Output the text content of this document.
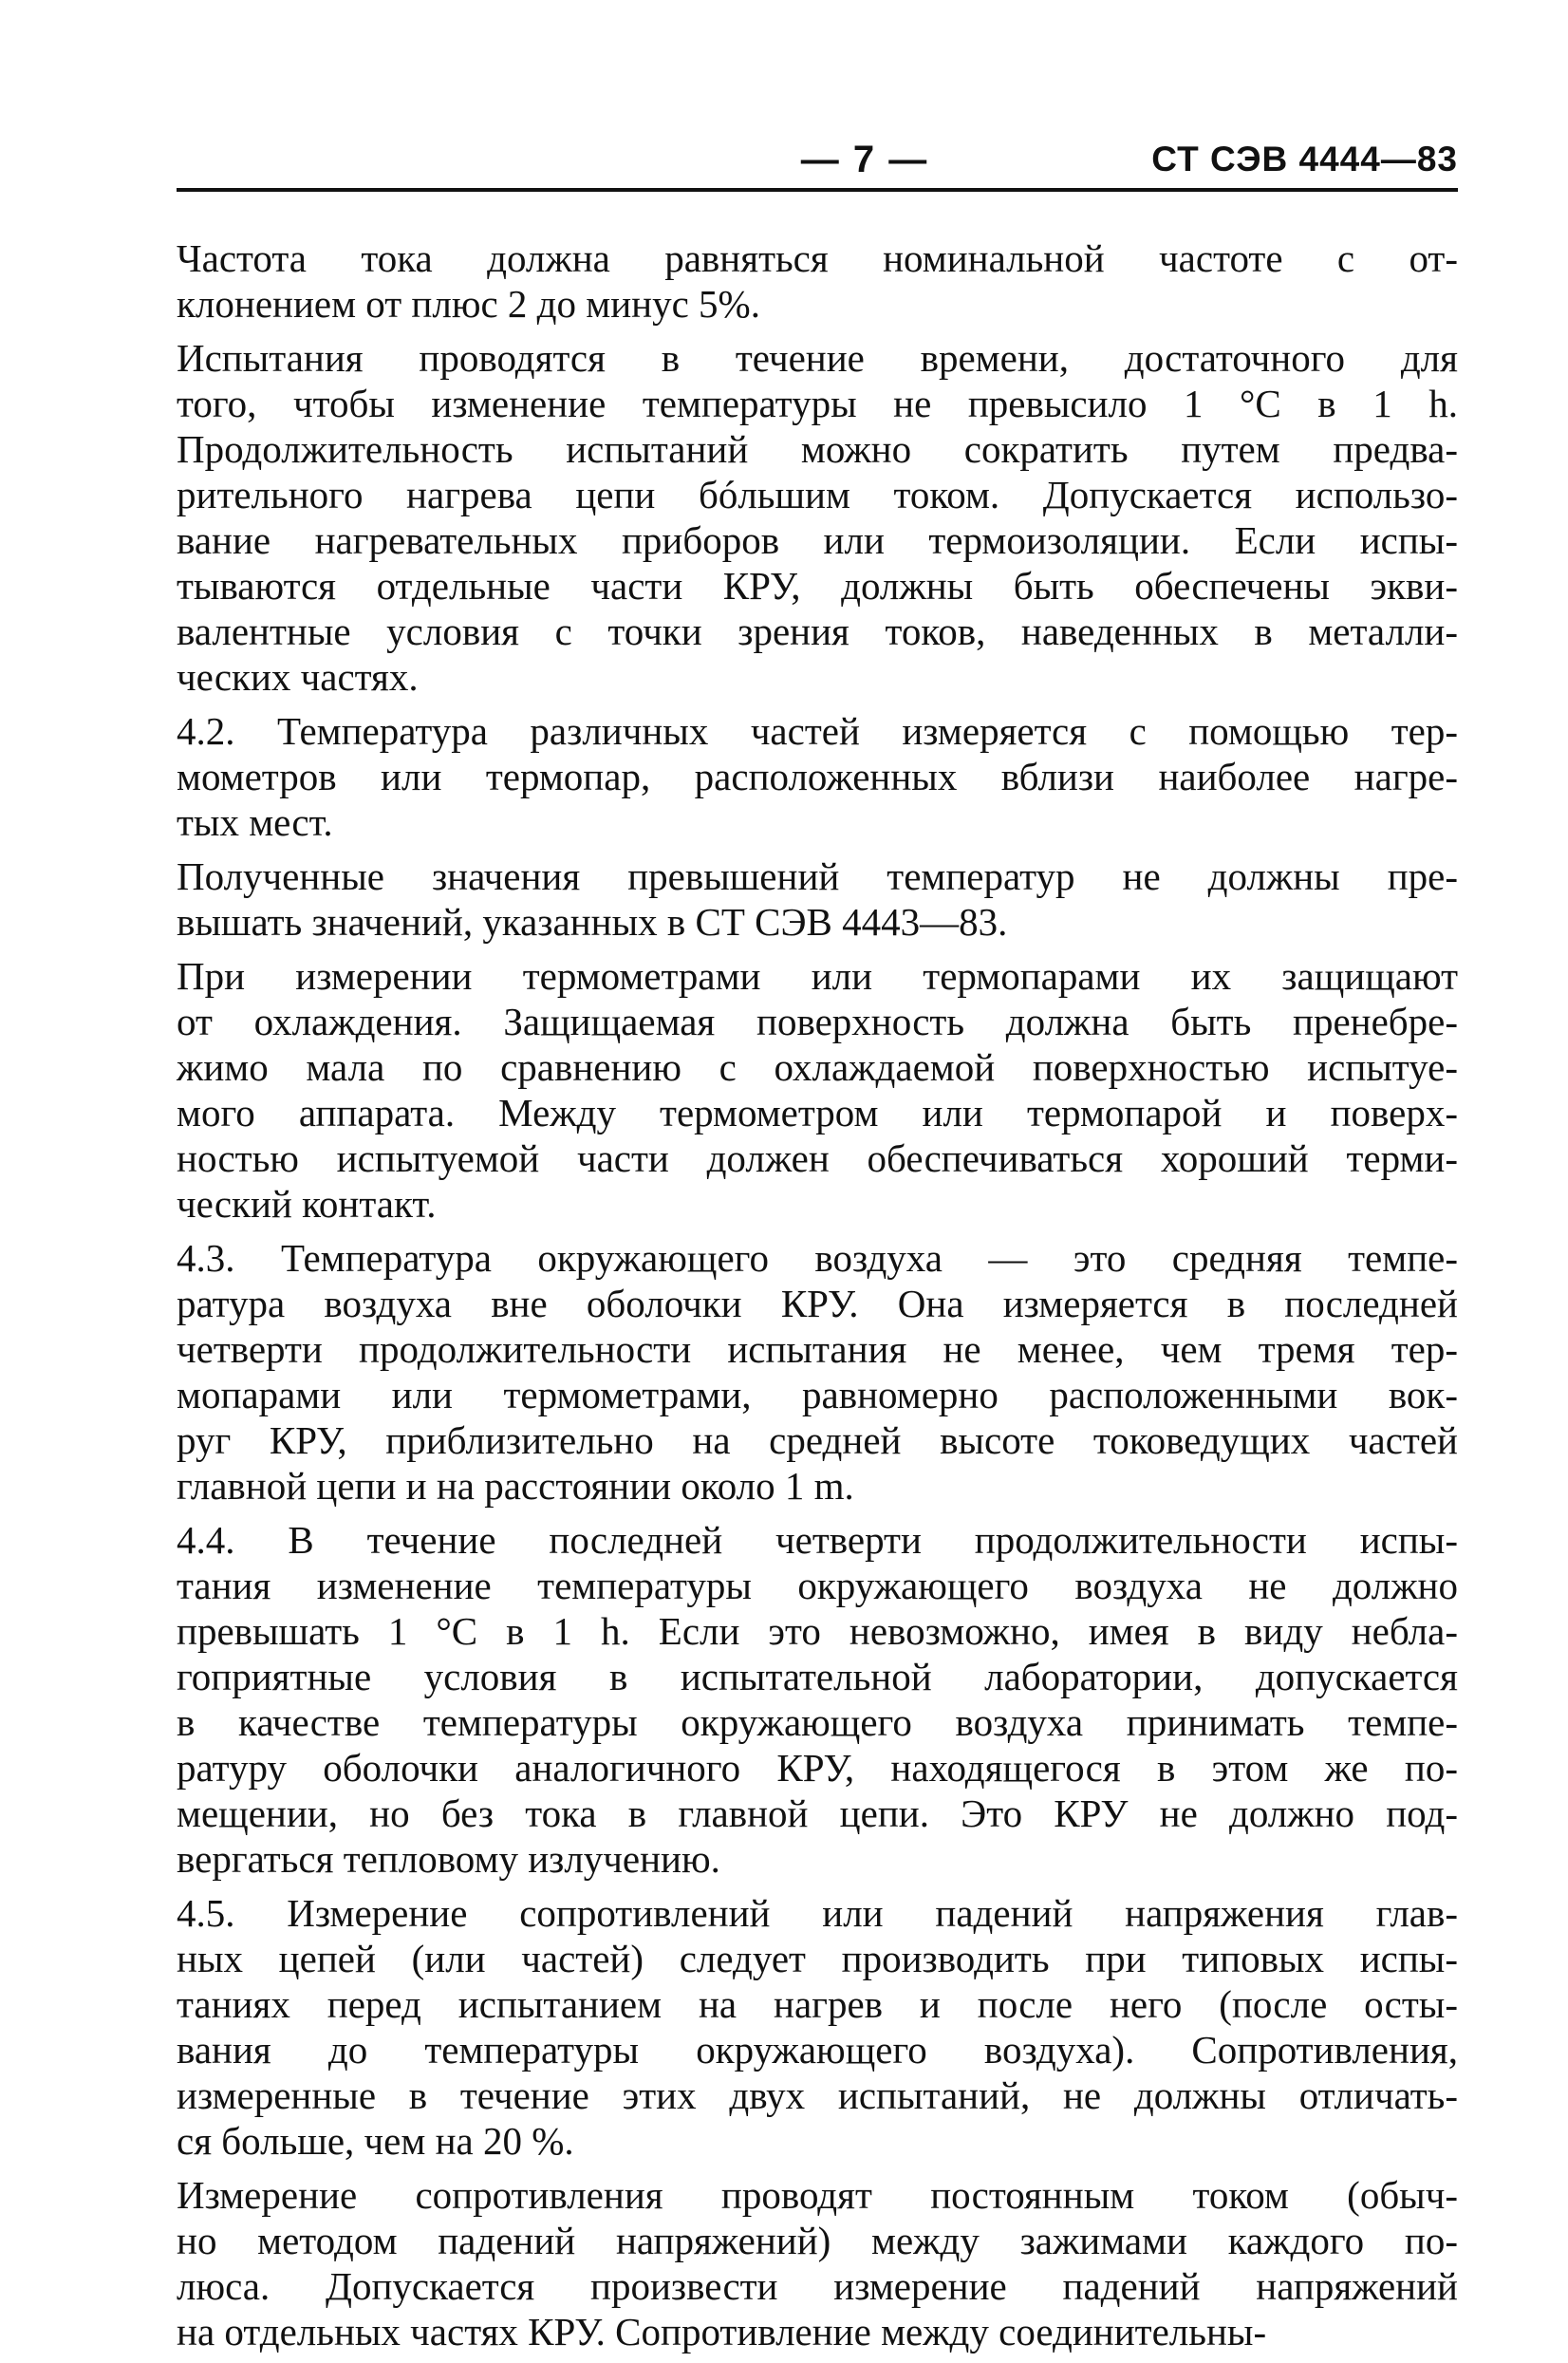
— 7 —	СТ СЭВ 4444—83
Частота тока должна равняться номинальной частоте с от-
клонением от плюс 2 до минус 5%.
Испытания проводятся в течение времени, достаточного для
того, чтобы изменение температуры не превысило 1 °C в 1 h.
Продолжительность испытаний можно сократить путем предва-
рительного нагрева цепи бóльшим током. Допускается использо-
вание нагревательных приборов или термоизоляции. Если испы-
тываются отдельные части КРУ, должны быть обеспечены экви-
валентные условия с точки зрения токов, наведенных в металли-
ческих частях.
4.2. Температура различных частей измеряется с помощью тер-
мометров или термопар, расположенных вблизи наиболее нагре-
тых мест.
Полученные значения превышений температур не должны пре-
вышать значений, указанных в СТ СЭВ 4443—83.
При измерении термометрами или термопарами их защищают
от охлаждения. Защищаемая поверхность должна быть пренебре-
жимо мала по сравнению с охлаждаемой поверхностью испытуе-
мого аппарата. Между термометром или термопарой и поверх-
ностью испытуемой части должен обеспечиваться хороший терми-
ческий контакт.
4.3. Температура окружающего воздуха — это средняя темпе-
ратура воздуха вне оболочки КРУ. Она измеряется в последней
четверти продолжительности испытания не менее, чем тремя тер-
мопарами или термометрами, равномерно расположенными вок-
руг КРУ, приблизительно на средней высоте токоведущих частей
главной цепи и на расстоянии около 1 m.
4.4. В течение последней четверти продолжительности испы-
тания изменение температуры окружающего воздуха не должно
превышать 1 °C в 1 h. Если это невозможно, имея в виду небла-
гоприятные условия в испытательной лаборатории, допускается
в качестве температуры окружающего воздуха принимать темпе-
ратуру оболочки аналогичного КРУ, находящегося в этом же по-
мещении, но без тока в главной цепи. Это КРУ не должно под-
вергаться тепловому излучению.
4.5. Измерение сопротивлений или падений напряжения глав-
ных цепей (или частей) следует производить при типовых испы-
таниях перед испытанием на нагрев и после него (после осты-
вания до температуры окружающего воздуха). Сопротивления,
измеренные в течение этих двух испытаний, не должны отличать-
ся больше, чем на 20 %.
Измерение сопротивления проводят постоянным током (обыч-
но методом падений напряжений) между зажимами каждого по-
люса. Допускается произвести измерение падений напряжений
на отдельных частях КРУ. Сопротивление между соединительны-
